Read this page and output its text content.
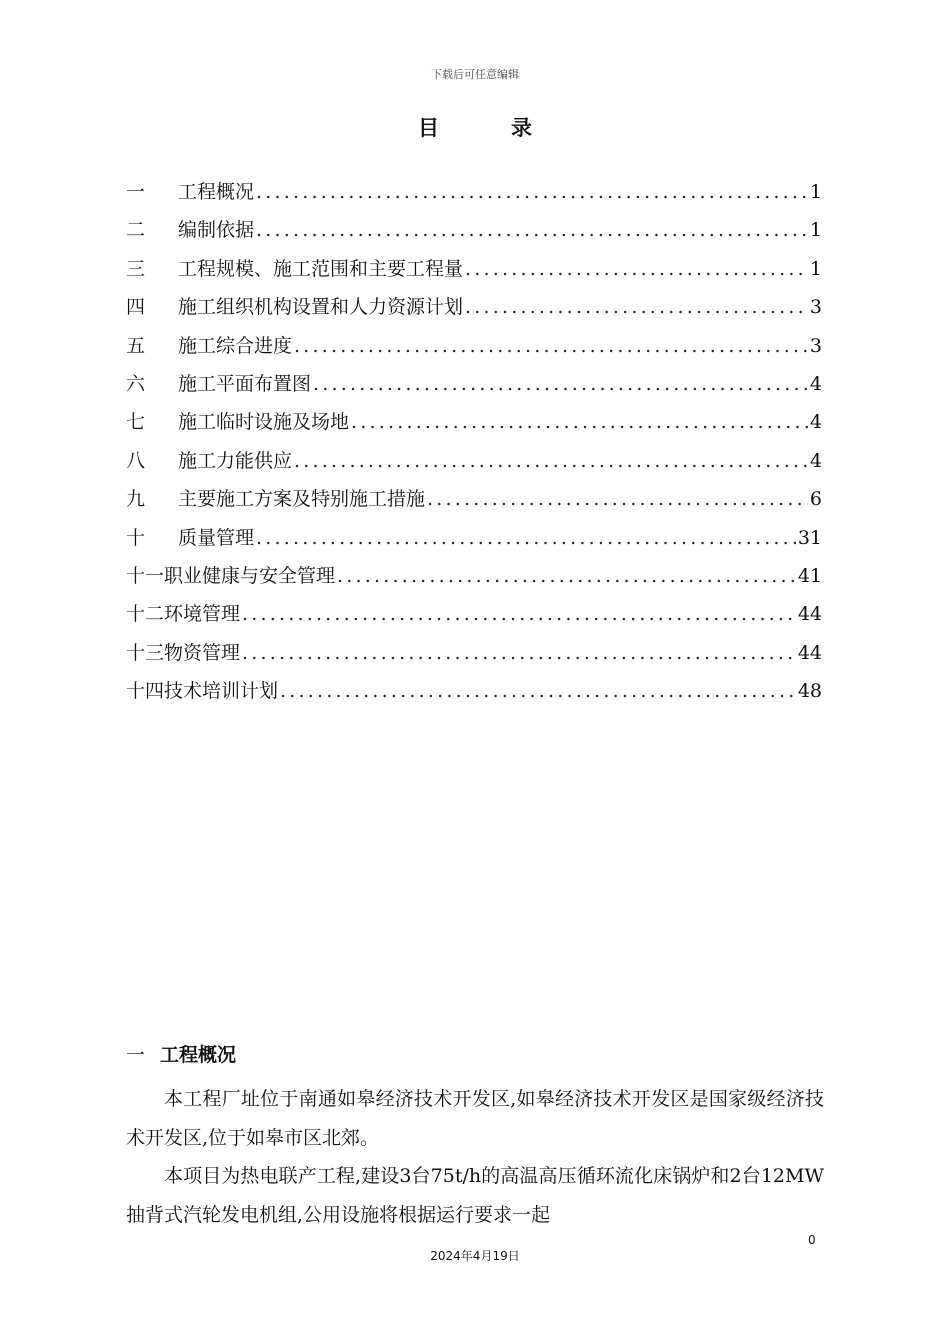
下载后可任意编辑
目	录
一	工程概况 .....	1
二	编制依据 .....	1
三	工程规模、施工范围和主要工程量 .....	1
四	施工组织机构设置和人力资源计划 .....	3
五	施工综合进度 .....	3
六	施工平面布置图 .....	4
七	施工临时设施及场地 .....	4
八	施工力能供应 .....	4
九	主要施工方案及特别施工措施 .....	6
十	质量管理 .....	31
十一 职业健康与安全管理 .....	41
十二 环境管理 .....	44
十三 物资管理 .....	44
十四 技术培训计划 .....	48
一 工程概况

本工程厂址位于南通如皋经济技术开发区,如皋经济技术开发区是国家级经济技术开发区,位于如皋市区北郊。

本项目为热电联产工程,建设3台75t/h的高温高压循环流化床锅炉和2台12MW抽背式汽轮发电机组,公用设施将根据运行要求一起

0
2024年4月19日
